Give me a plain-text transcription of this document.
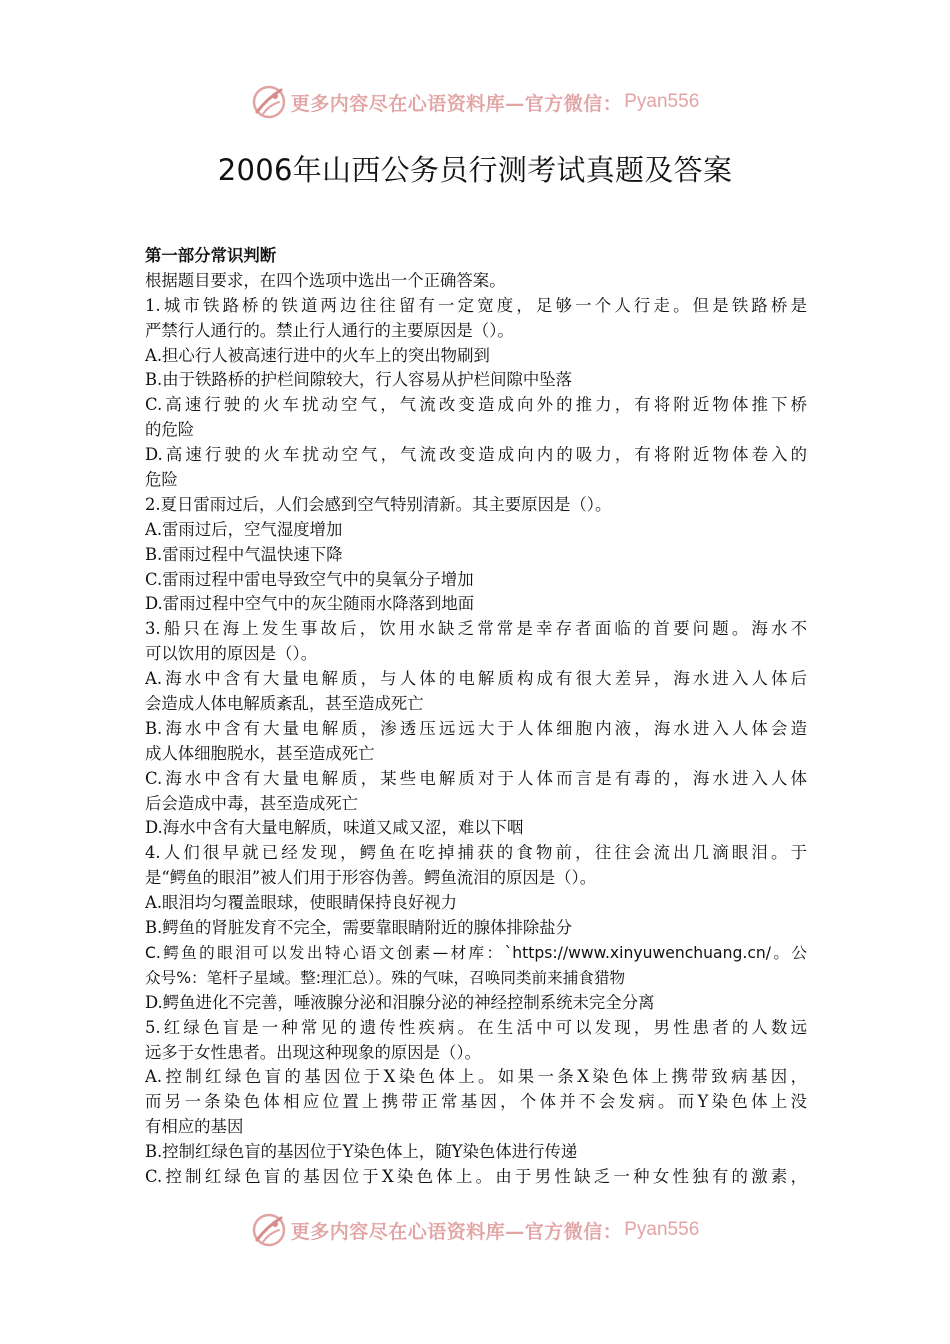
更多内容尽在心语资料库—官方微信： Pyan556
2006年山西公务员行测考试真题及答案
第一部分常识判断
根据题目要求，在四个选项中选出一个正确答案。
1.城市铁路桥的铁道两边往往留有一定宽度，足够一个人行走。但是铁路桥是
严禁行人通行的。禁止行人通行的主要原因是（）。
A.担心行人被高速行进中的火车上的突出物刷到
B.由于铁路桥的护栏间隙较大，行人容易从护栏间隙中坠落
C.高速行驶的火车扰动空气，气流改变造成向外的推力，有将附近物体推下桥
的危险
D.高速行驶的火车扰动空气，气流改变造成向内的吸力，有将附近物体卷入的
危险
2.夏日雷雨过后，人们会感到空气特别清新。其主要原因是（）。
A.雷雨过后，空气湿度增加
B.雷雨过程中气温快速下降
C.雷雨过程中雷电导致空气中的臭氧分子增加
D.雷雨过程中空气中的灰尘随雨水降落到地面
3.船只在海上发生事故后，饮用水缺乏常常是幸存者面临的首要问题。海水不
可以饮用的原因是（）。
A.海水中含有大量电解质，与人体的电解质构成有很大差异，海水进入人体后
会造成人体电解质紊乱，甚至造成死亡
B.海水中含有大量电解质，渗透压远远大于人体细胞内液，海水进入人体会造
成人体细胞脱水，甚至造成死亡
C.海水中含有大量电解质，某些电解质对于人体而言是有毒的，海水进入人体
后会造成中毒，甚至造成死亡
D.海水中含有大量电解质，味道又咸又涩，难以下咽
4.人们很早就已经发现，鳄鱼在吃掉捕获的食物前，往往会流出几滴眼泪。于
是“鳄鱼的眼泪”被人们用于形容伪善。鳄鱼流泪的原因是（）。
A.眼泪均匀覆盖眼球，使眼睛保持良好视力
B.鳄鱼的肾脏发育不完全，需要靠眼睛附近的腺体排除盐分
C.鳄鱼的眼泪可以发出特心语文创素—材库：`https://www.xinyuwenchuang.cn/。公
众号%：笔杆子星域。整:理汇总）。殊的气味，召唤同类前来捕食猎物
D.鳄鱼进化不完善，唾液腺分泌和泪腺分泌的神经控制系统未完全分离
5.红绿色盲是一种常见的遗传性疾病。在生活中可以发现，男性患者的人数远
远多于女性患者。出现这种现象的原因是（）。
A.控制红绿色盲的基因位于X染色体上。如果一条X染色体上携带致病基因，
而另一条染色体相应位置上携带正常基因，个体并不会发病。而Y染色体上没
有相应的基因
B.控制红绿色盲的基因位于Y染色体上，随Y染色体进行传递
C.控制红绿色盲的基因位于X染色体上。由于男性缺乏一种女性独有的激素，
更多内容尽在心语资料库—官方微信： Pyan556
